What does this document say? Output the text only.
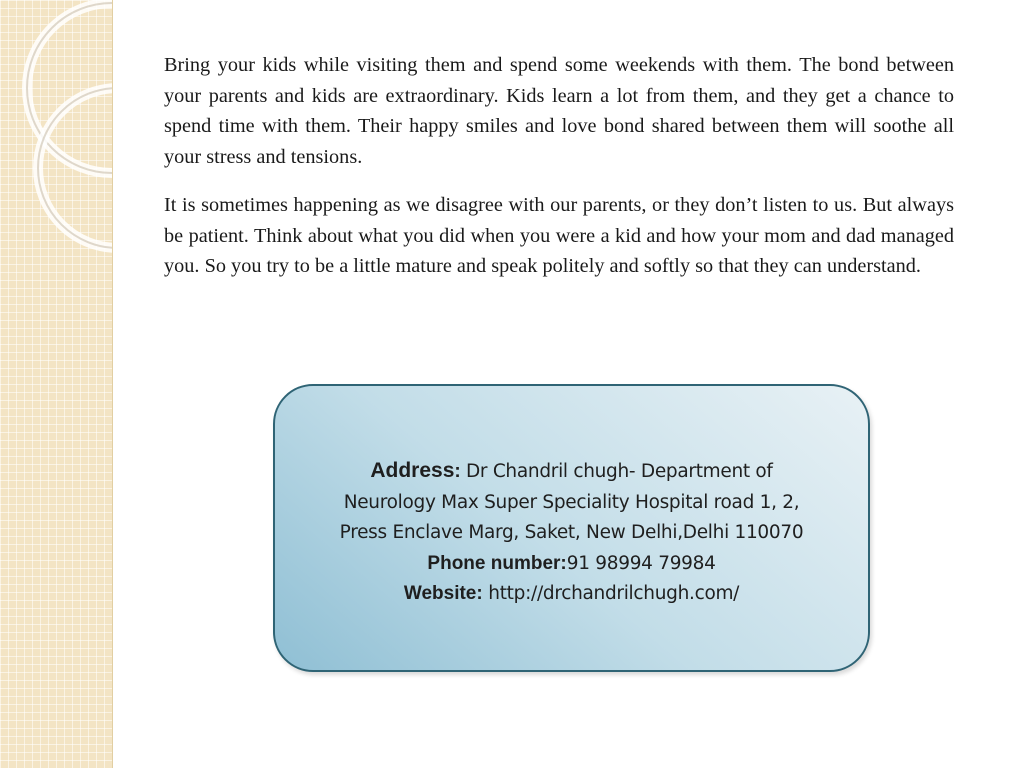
Bring your kids while visiting them and spend some weekends with them. The bond between your parents and kids are extraordinary. Kids learn a lot from them, and they get a chance to spend time with them. Their happy smiles and love bond shared between them will soothe all your stress and tensions.

It is sometimes happening as we disagree with our parents, or they don’t listen to us. But always be patient. Think about what you did when you were a kid and how your mom and dad managed you. So you try to be a little mature and speak politely and softly so that they can understand.

Address: Dr Chandril chugh- Department of
Neurology Max Super Speciality Hospital road 1, 2,
Press Enclave Marg, Saket, New Delhi,Delhi 110070
Phone number:91 98994 79984
Website: http://drchandrilchugh.com/
